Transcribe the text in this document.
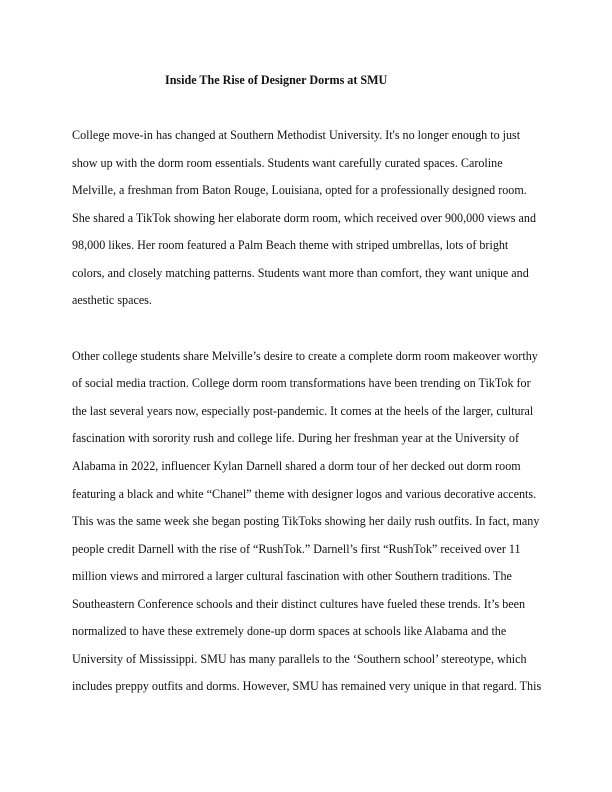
Inside The Rise of Designer Dorms at SMU

College move-in has changed at Southern Methodist University. It's no longer enough to just

show up with the dorm room essentials. Students want carefully curated spaces. Caroline

Melville, a freshman from Baton Rouge, Louisiana, opted for a professionally designed room.

She shared a TikTok showing her elaborate dorm room, which received over 900,000 views and

98,000 likes. Her room featured a Palm Beach theme with striped umbrellas, lots of bright

colors, and closely matching patterns. Students want more than comfort, they want unique and

aesthetic spaces.

Other college students share Melville’s desire to create a complete dorm room makeover worthy

of social media traction. College dorm room transformations have been trending on TikTok for

the last several years now, especially post-pandemic. It comes at the heels of the larger, cultural

fascination with sorority rush and college life. During her freshman year at the University of

Alabama in 2022, influencer Kylan Darnell shared a dorm tour of her decked out dorm room

featuring a black and white “Chanel” theme with designer logos and various decorative accents.

This was the same week she began posting TikToks showing her daily rush outfits. In fact, many

people credit Darnell with the rise of “RushTok.” Darnell’s first “RushTok” received over 11

million views and mirrored a larger cultural fascination with other Southern traditions. The

Southeastern Conference schools and their distinct cultures have fueled these trends. It’s been

normalized to have these extremely done-up dorm spaces at schools like Alabama and the

University of Mississippi. SMU has many parallels to the ‘Southern school’ stereotype, which

includes preppy outfits and dorms. However, SMU has remained very unique in that regard. This
